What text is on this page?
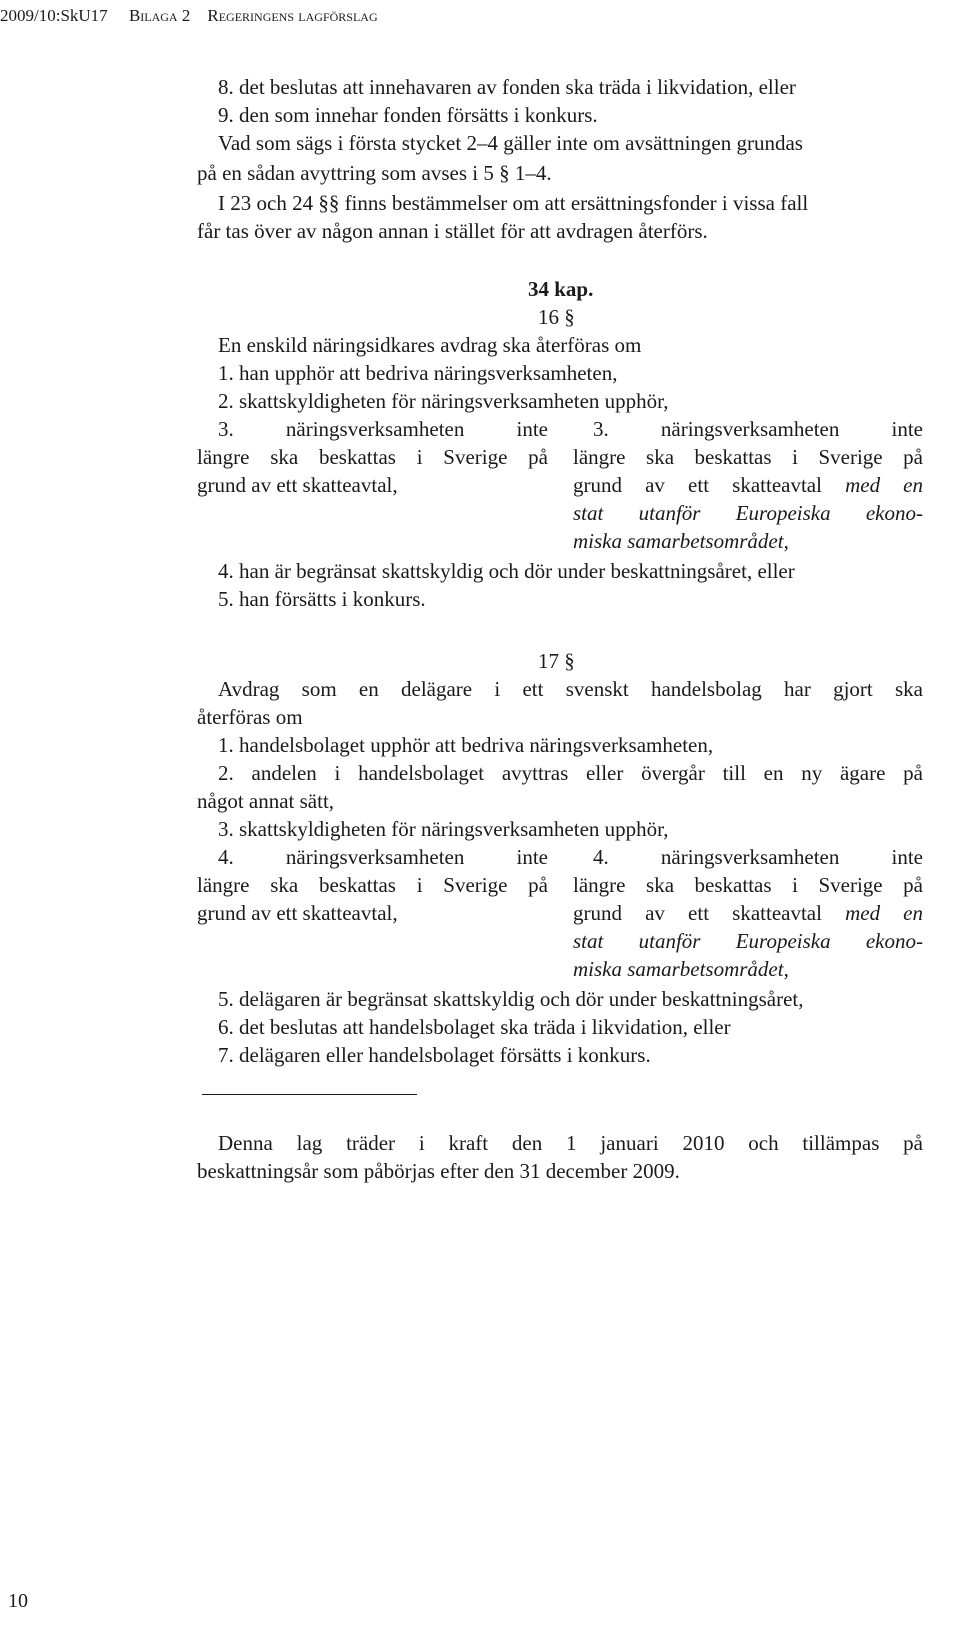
2009/10:SkU17 Bilaga 2 Regeringens lagförslag
8. det beslutas att innehavaren av fonden ska träda i likvidation, eller
9. den som innehar fonden försätts i konkurs.
Vad som sägs i första stycket 2–4 gäller inte om avsättningen grundas
på en sådan avyttring som avses i 5 § 1–4.
I 23 och 24 §§ finns bestämmelser om att ersättningsfonder i vissa fall
får tas över av någon annan i stället för att avdragen återförs.
34 kap.
16 §
En enskild näringsidkares avdrag ska återföras om
1. han upphör att bedriva näringsverksamheten,
2. skattskyldigheten för näringsverksamheten upphör,
3. näringsverksamheten inte
längre ska beskattas i Sverige på
grund av ett skatteavtal,
3. näringsverksamheten inte
längre ska beskattas i Sverige på
grund av ett skatteavtal med en
stat utanför Europeiska ekono-
miska samarbetsområdet,
4. han är begränsat skattskyldig och dör under beskattningsåret, eller
5. han försätts i konkurs.
17 §
Avdrag som en delägare i ett svenskt handelsbolag har gjort ska
återföras om
1. handelsbolaget upphör att bedriva näringsverksamheten,
2. andelen i handelsbolaget avyttras eller övergår till en ny ägare på
något annat sätt,
3. skattskyldigheten för näringsverksamheten upphör,
4. näringsverksamheten inte
längre ska beskattas i Sverige på
grund av ett skatteavtal,
4. näringsverksamheten inte
längre ska beskattas i Sverige på
grund av ett skatteavtal med en
stat utanför Europeiska ekono-
miska samarbetsområdet,
5. delägaren är begränsat skattskyldig och dör under beskattningsåret,
6. det beslutas att handelsbolaget ska träda i likvidation, eller
7. delägaren eller handelsbolaget försätts i konkurs.
Denna lag träder i kraft den 1 januari 2010 och tillämpas på
beskattningsår som påbörjas efter den 31 december 2009.
10
